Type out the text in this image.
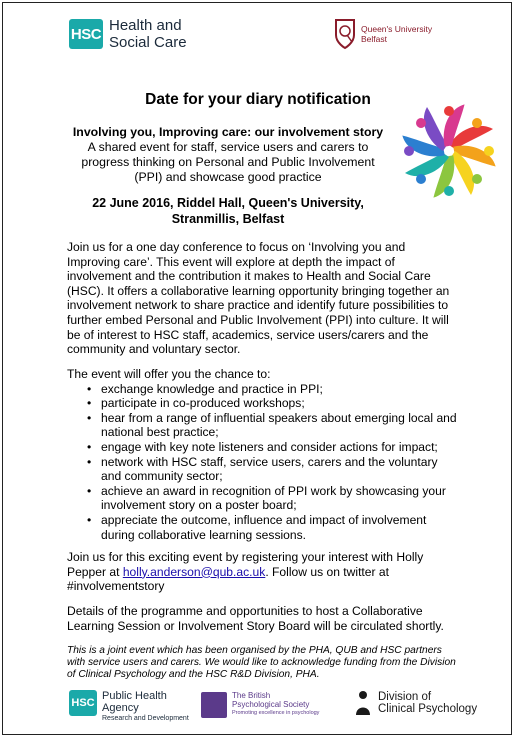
HSC Health and
Social Care
Queen's University
Belfast
Date for your diary notification
Involving you, Improving care: our involvement story
A shared event for staff, service users and carers to
progress thinking on Personal and Public Involvement
(PPI) and showcase good practice
22 June 2016, Riddel Hall, Queen's University,
Stranmillis, Belfast
Join us for a one day conference to focus on ‘Involving you and Improving care’. This event will explore at depth the impact of involvement and the contribution it makes to Health and Social Care (HSC). It offers a collaborative learning opportunity bringing together an involvement network to share practice and identify future possibilities to further embed Personal and Public Involvement (PPI) into culture. It will be of interest to HSC staff, academics, service users/carers and the community and voluntary sector.
The event will offer you the chance to:
• exchange knowledge and practice in PPI;
• participate in co-produced workshops;
• hear from a range of influential speakers about emerging local and national best practice;
• engage with key note listeners and consider actions for impact;
• network with HSC staff, service users, carers and the voluntary and community sector;
• achieve an award in recognition of PPI work by showcasing your involvement story on a poster board;
• appreciate the outcome, influence and impact of involvement during collaborative learning sessions.
Join us for this exciting event by registering your interest with Holly Pepper at holly.anderson@qub.ac.uk. Follow us on twitter at #involvementstory
Details of the programme and opportunities to host a Collaborative Learning Session or Involvement Story Board will be circulated shortly.
This is a joint event which has been organised by the PHA, QUB and HSC partners with service users and carers. We would like to acknowledge funding from the Division of Clinical Psychology and the HSC R&D Division, PHA.
HSC
Public Health
Agency
Research and Development
The British
Psychological Society
Promoting excellence in psychology
Division of
Clinical Psychology
